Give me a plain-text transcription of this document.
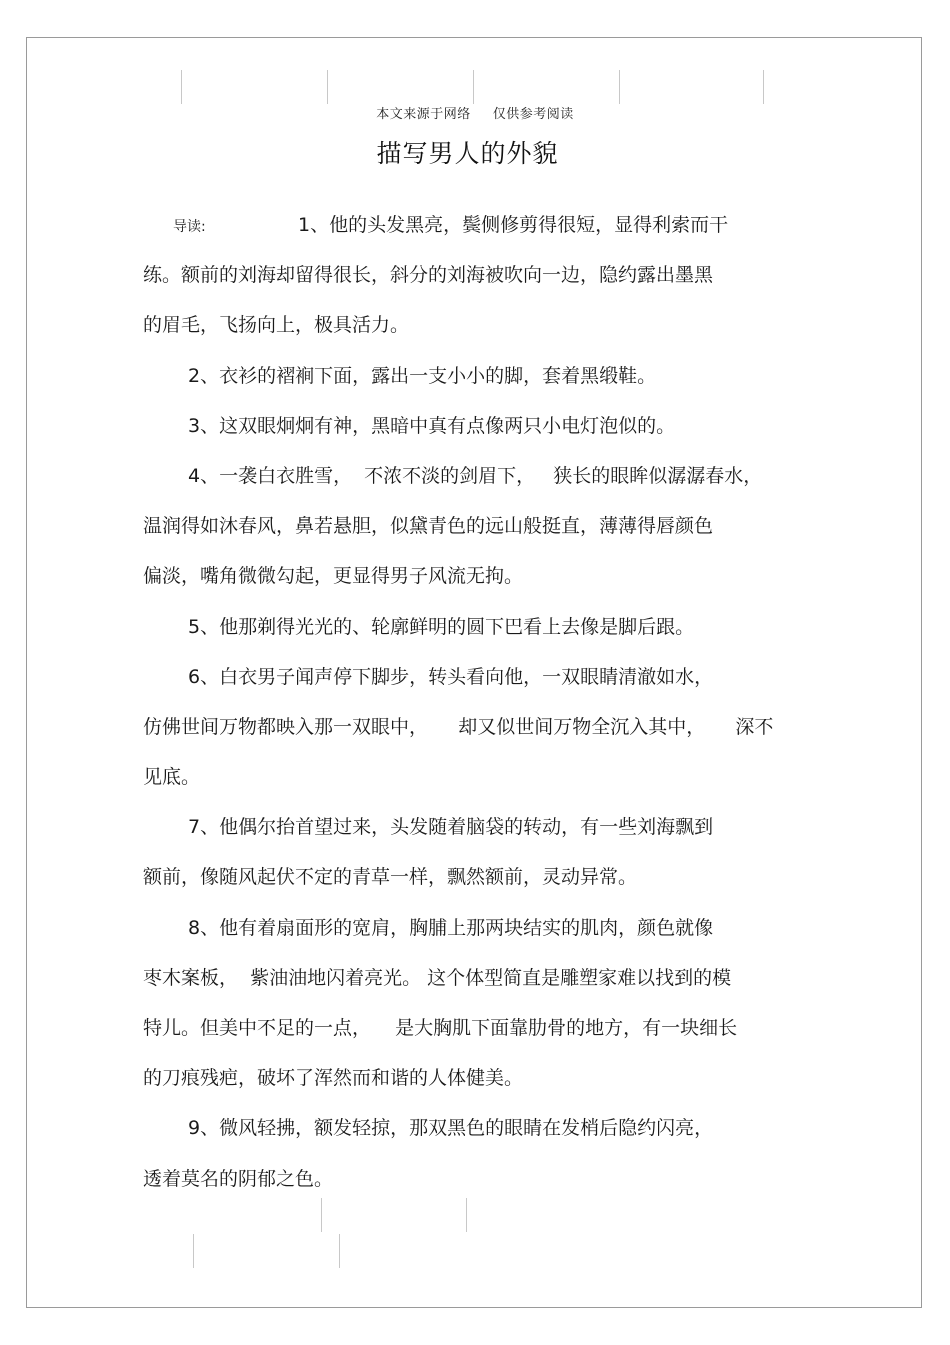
本文来源于网络 仅供参考阅读
描写男人的外貌
导读:	1、他的头发黑亮，鬓侧修剪得很短，显得利索而干
练。额前的刘海却留得很长，斜分的刘海被吹向一边，隐约露出墨黑
的眉毛，飞扬向上，极具活力。
2、衣衫的褶裥下面，露出一支小小的脚，套着黑缎鞋。
3、这双眼炯炯有神，黑暗中真有点像两只小电灯泡似的。
4、一袭白衣胜雪，  不浓不淡的剑眉下，   狭长的眼眸似潺潺春水，
温润得如沐春风，鼻若悬胆，似黛青色的远山般挺直，薄薄得唇颜色
偏淡，嘴角微微勾起，更显得男子风流无拘。
5、他那剃得光光的、轮廓鲜明的圆下巴看上去像是脚后跟。
6、白衣男子闻声停下脚步，转头看向他，一双眼睛清澈如水，
仿佛世间万物都映入那一双眼中，     却又似世间万物全沉入其中，     深不
见底。
7、他偶尔抬首望过来，头发随着脑袋的转动，有一些刘海飘到
额前，像随风起伏不定的青草一样，飘然额前，灵动异常。
8、他有着扇面形的宽肩，胸脯上那两块结实的肌肉，颜色就像
枣木案板，  紫油油地闪着亮光。 这个体型简直是雕塑家难以找到的模
特儿。但美中不足的一点，    是大胸肌下面靠肋骨的地方，有一块细长
的刀痕残疤，破坏了浑然而和谐的人体健美。
9、微风轻拂，额发轻掠，那双黑色的眼睛在发梢后隐约闪亮，
透着莫名的阴郁之色。
